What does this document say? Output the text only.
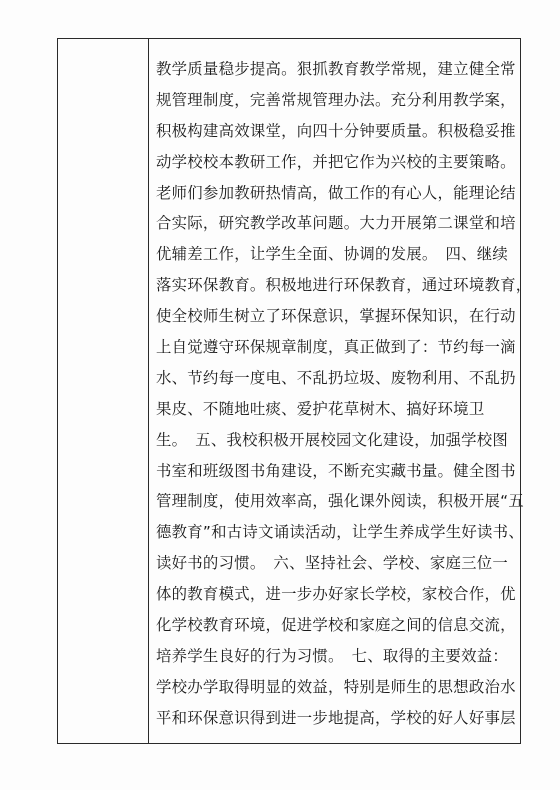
教学质量稳步提高。狠抓教育教学常规，建立健全常
规管理制度，完善常规管理办法。充分利用教学案，
积极构建高效课堂，向四十分钟要质量。积极稳妥推
动学校校本教研工作，并把它作为兴校的主要策略。
老师们参加教研热情高，做工作的有心人，能理论结
合实际，研究教学改革问题。大力开展第二课堂和培
优辅差工作，让学生全面、协调的发展。　四、继续
落实环保教育。积极地进行环保教育，通过环境教育，
使全校师生树立了环保意识，掌握环保知识，在行动
上自觉遵守环保规章制度，真正做到了：节约每一滴
水、节约每一度电、不乱扔垃圾、废物利用、不乱扔
果皮、不随地吐痰、爱护花草树木、搞好环境卫
生。　五、我校积极开展校园文化建设，加强学校图
书室和班级图书角建设，不断充实藏书量。健全图书
管理制度，使用效率高，强化课外阅读，积极开展“五
德教育”和古诗文诵读活动，让学生养成学生好读书、
读好书的习惯。　六、坚持社会、学校、家庭三位一
体的教育模式，进一步办好家长学校，家校合作，优
化学校教育环境，促进学校和家庭之间的信息交流，
培养学生良好的行为习惯。　七、取得的主要效益：
学校办学取得明显的效益，特别是师生的思想政治水
平和环保意识得到进一步地提高，学校的好人好事层
